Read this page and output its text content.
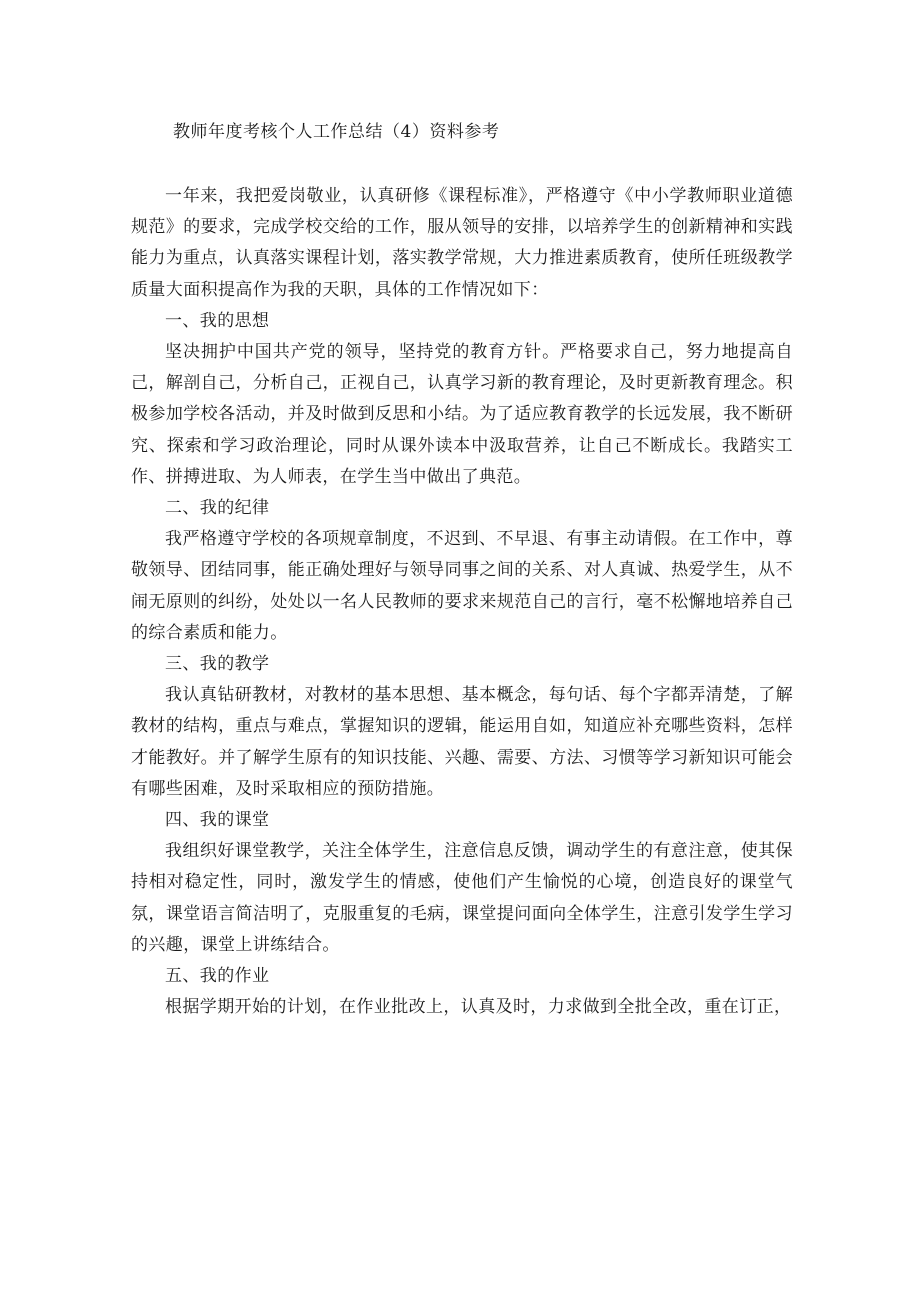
教师年度考核个人工作总结（4）资料参考

一年来，我把爱岗敬业，认真研修《课程标准》，严格遵守《中小学教师职业道德规范》的要求，完成学校交给的工作，服从领导的安排，以培养学生的创新精神和实践能力为重点，认真落实课程计划，落实教学常规，大力推进素质教育，使所任班级教学质量大面积提高作为我的天职，具体的工作情况如下：

一、我的思想

坚决拥护中国共产党的领导，坚持党的教育方针。严格要求自己，努力地提高自己，解剖自己，分析自己，正视自己，认真学习新的教育理论，及时更新教育理念。积极参加学校各活动，并及时做到反思和小结。为了适应教育教学的长远发展，我不断研究、探索和学习政治理论，同时从课外读本中汲取营养，让自己不断成长。我踏实工作、拼搏进取、为人师表，在学生当中做出了典范。

二、我的纪律

我严格遵守学校的各项规章制度，不迟到、不早退、有事主动请假。在工作中，尊敬领导、团结同事，能正确处理好与领导同事之间的关系、对人真诚、热爱学生，从不闹无原则的纠纷，处处以一名人民教师的要求来规范自己的言行，毫不松懈地培养自己的综合素质和能力。

三、我的教学

我认真钻研教材，对教材的基本思想、基本概念，每句话、每个字都弄清楚，了解教材的结构，重点与难点，掌握知识的逻辑，能运用自如，知道应补充哪些资料，怎样才能教好。并了解学生原有的知识技能、兴趣、需要、方法、习惯等学习新知识可能会有哪些困难，及时采取相应的预防措施。

四、我的课堂

我组织好课堂教学，关注全体学生，注意信息反馈，调动学生的有意注意，使其保持相对稳定性，同时，激发学生的情感，使他们产生愉悦的心境，创造良好的课堂气氛，课堂语言简洁明了，克服重复的毛病，课堂提问面向全体学生，注意引发学生学习的兴趣，课堂上讲练结合。

五、我的作业

根据学期开始的计划，在作业批改上，认真及时，力求做到全批全改，重在订正，
